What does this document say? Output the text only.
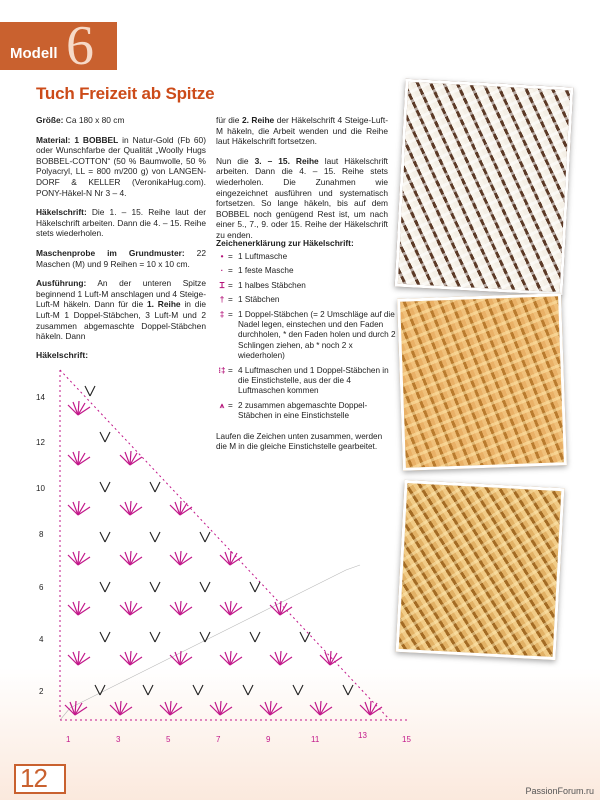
Modell 6
Tuch Freizeit ab Spitze

Größe: Ca 180 x 80 cm

Material: 1 BOBBEL in Natur-Gold (Fb 60) oder Wunschfarbe der Qualität „Woolly Hugs BOBBEL-COTTON“ (50 % Baumwolle, 50 % Polyacryl, LL = 800 m/200 g) von LANGEN-DORF & KELLER (VeronikaHug.com). PONY-Häkel-N Nr 3 – 4.

Häkelschrift: Die 1. – 15. Reihe laut der Häkelschrift arbeiten. Dann die 4. – 15. Reihe stets wiederholen.

Maschenprobe im Grundmuster: 22 Maschen (M) und 9 Reihen = 10 x 10 cm.

Ausführung: An der unteren Spitze beginnend 1 Luft-M anschlagen und 4 Steige-Luft-M häkeln. Dann für die 1. Reihe in die Luft-M 1 Doppel-Stäbchen, 3 Luft-M und 2 zusammen abgemaschte Doppel-Stäbchen häkeln. Dann

für die 2. Reihe der Häkelschrift 4 Steige-Luft-M häkeln, die Arbeit wenden und die Reihe laut Häkelschrift fortsetzen.

Nun die 3. – 15. Reihe laut Häkelschrift arbeiten. Dann die 4. – 15. Reihe stets wiederholen. Die Zunahmen wie eingezeichnet ausführen und systematisch fortsetzen. So lange häkeln, bis auf dem BOBBEL noch genügend Rest ist, um nach einer 5., 7., 9. oder 15. Reihe der Häkelschrift zu enden.

Zeichenerklärung zur Häkelschrift:
• = 1 Luftmasche
· = 1 feste Masche
Ɪ = 1 halbes Stäbchen
† = 1 Stäbchen
‡ = 1 Doppel-Stäbchen (= 2 Umschläge auf die Nadel legen, einstechen und den Faden durchholen, * den Faden holen und durch 2 Schlingen ziehen, ab * noch 2 x wiederholen)
⁝‡ = 4 Luftmaschen und 1 Doppel-Stäbchen in die Einstichstelle, aus der die 4 Luftmaschen kommen
⩚ = 2 zusammen abgemaschte Doppel-Stäbchen in eine Einstichstelle
Laufen die Zeichen unten zusammen, werden die M in die gleiche Einstichstelle gearbeitet.
Häkelschrift:
14
12
10
8
6
4
2
1	3	5	7	9	11	13	15
12	PassionForum.ru
